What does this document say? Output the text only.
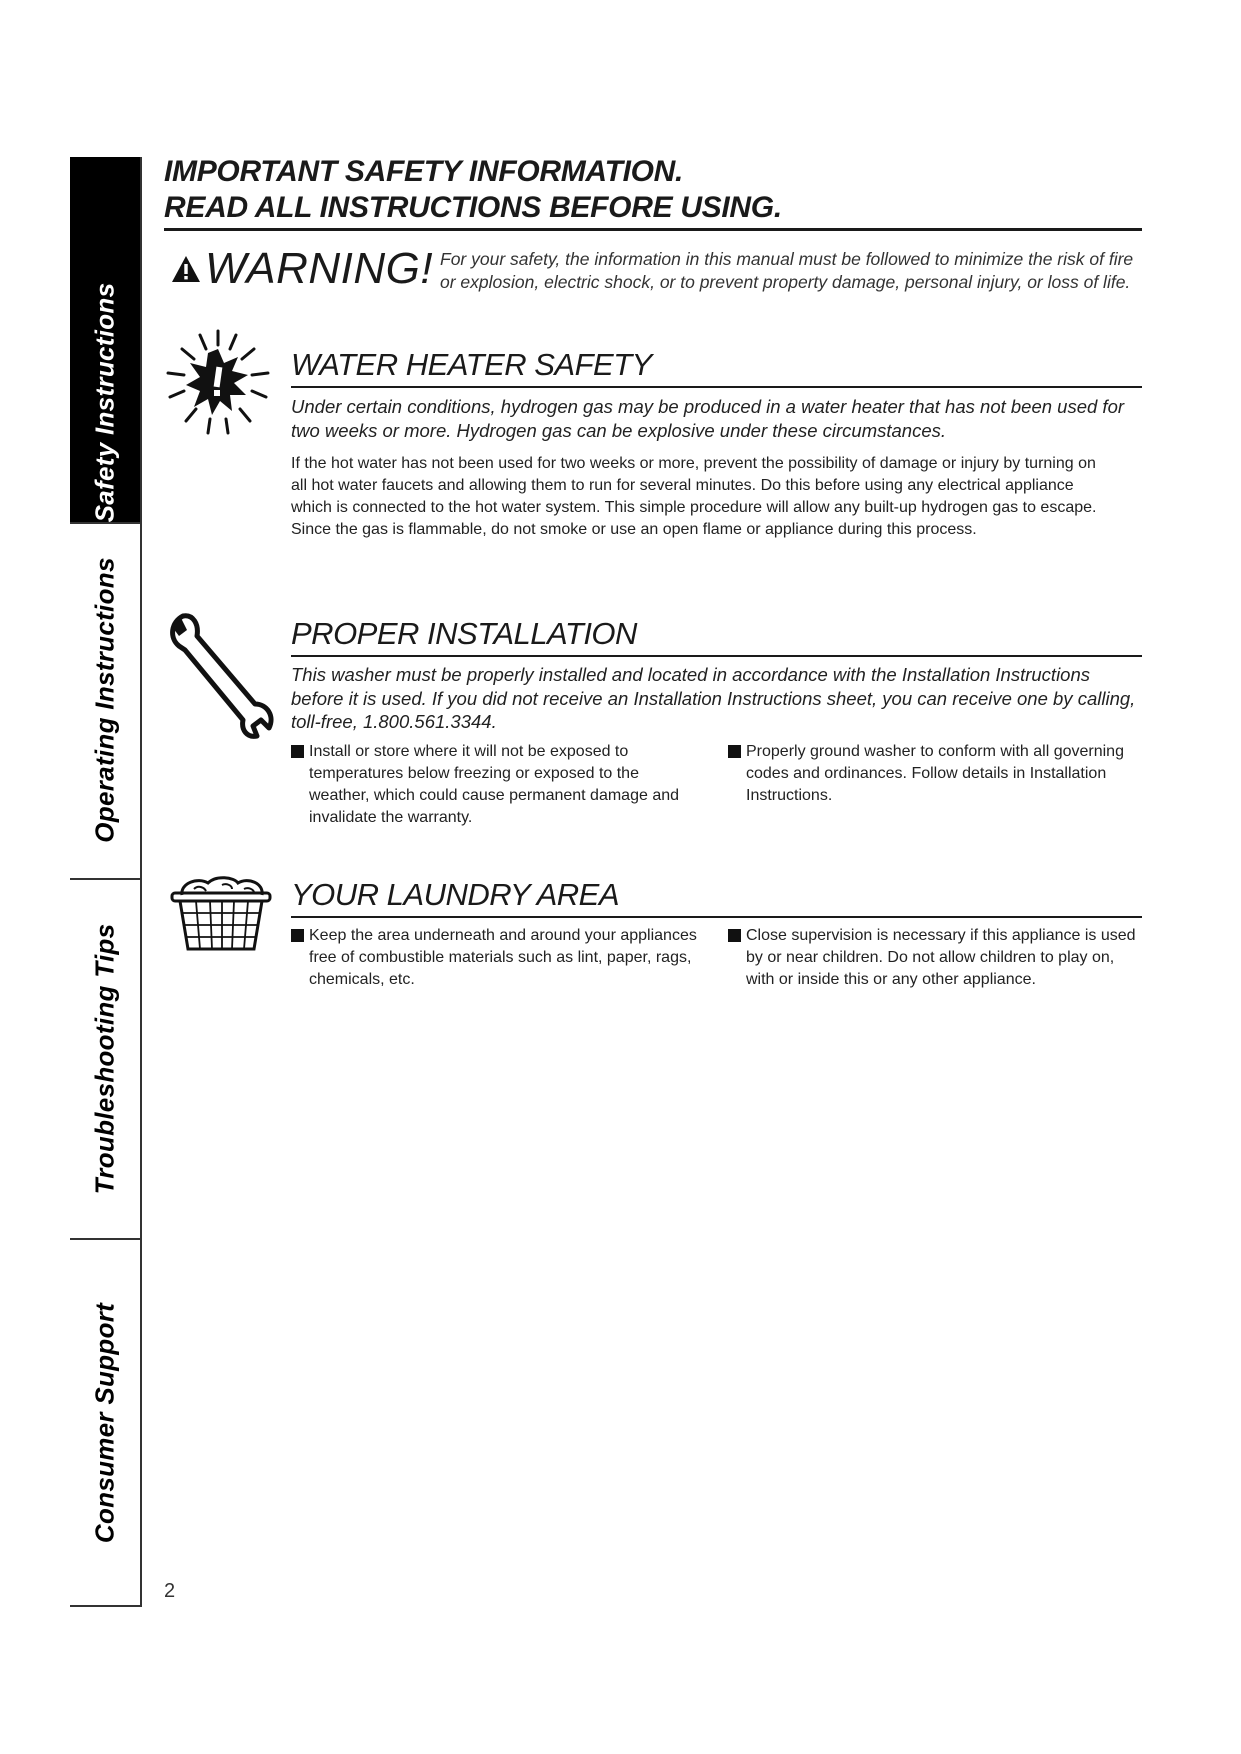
Safety Instructions
Operating Instructions
Troubleshooting Tips
Consumer Support
IMPORTANT SAFETY INFORMATION.
READ ALL INSTRUCTIONS BEFORE USING.
WARNING! For your safety, the information in this manual must be followed to minimize the risk of fire or explosion, electric shock, or to prevent property damage, personal injury, or loss of life.

WATER HEATER SAFETY

Under certain conditions, hydrogen gas may be produced in a water heater that has not been used for two weeks or more. Hydrogen gas can be explosive under these circumstances.

If the hot water has not been used for two weeks or more, prevent the possibility of damage or injury by turning on all hot water faucets and allowing them to run for several minutes. Do this before using any electrical appliance which is connected to the hot water system. This simple procedure will allow any built-up hydrogen gas to escape. Since the gas is flammable, do not smoke or use an open flame or appliance during this process.

PROPER INSTALLATION

This washer must be properly installed and located in accordance with the Installation Instructions before it is used. If you did not receive an Installation Instructions sheet, you can receive one by calling, toll-free, 1.800.561.3344.

Install or store where it will not be exposed to temperatures below freezing or exposed to the weather, which could cause permanent damage and invalidate the warranty.

Properly ground washer to conform with all governing codes and ordinances. Follow details in Installation Instructions.

YOUR LAUNDRY AREA

Keep the area underneath and around your appliances free of combustible materials such as lint, paper, rags, chemicals, etc.

Close supervision is necessary if this appliance is used by or near children. Do not allow children to play on, with or inside this or any other appliance.

2
